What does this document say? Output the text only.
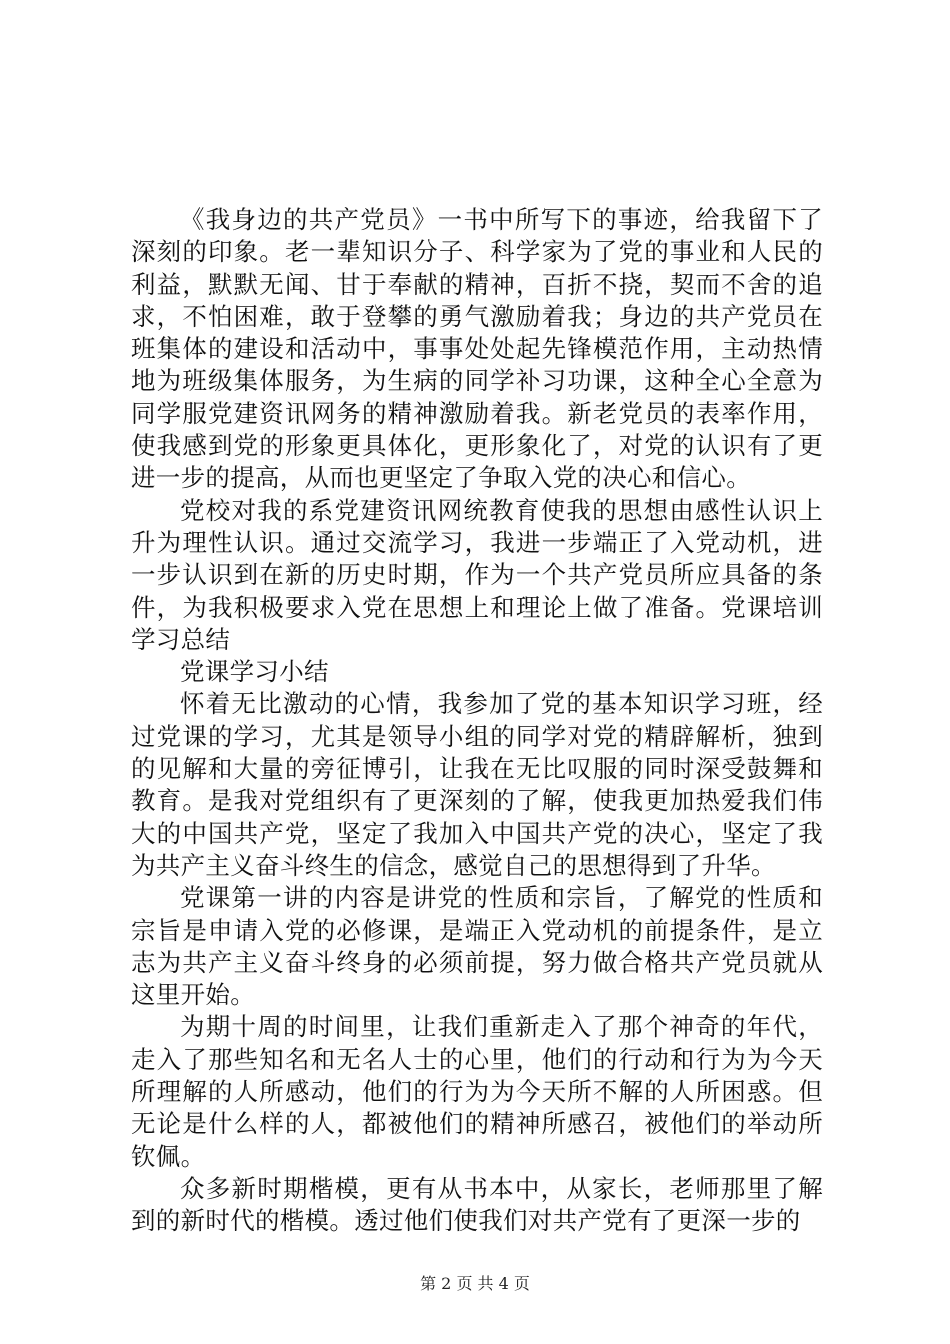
《我身边的共产党员》一书中所写下的事迹，给我留下了深刻的印象。老一辈知识分子、科学家为了党的事业和人民的利益，默默无闻、甘于奉献的精神，百折不挠，契而不舍的追求，不怕困难，敢于登攀的勇气激励着我；身边的共产党员在班集体的建设和活动中，事事处处起先锋模范作用，主动热情地为班级集体服务，为生病的同学补习功课，这种全心全意为同学服党建资讯网务的精神激励着我。新老党员的表率作用，使我感到党的形象更具体化，更形象化了，对党的认识有了更进一步的提高，从而也更坚定了争取入党的决心和信心。

党校对我的系党建资讯网统教育使我的思想由感性认识上升为理性认识。通过交流学习，我进一步端正了入党动机，进一步认识到在新的历史时期，作为一个共产党员所应具备的条件，为我积极要求入党在思想上和理论上做了准备。党课培训学习总结

党课学习小结

怀着无比激动的心情，我参加了党的基本知识学习班，经过党课的学习，尤其是领导小组的同学对党的精辟解析，独到的见解和大量的旁征博引，让我在无比叹服的同时深受鼓舞和教育。是我对党组织有了更深刻的了解，使我更加热爱我们伟大的中国共产党，坚定了我加入中国共产党的决心，坚定了我为共产主义奋斗终生的信念，感觉自己的思想得到了升华。

党课第一讲的内容是讲党的性质和宗旨，了解党的性质和宗旨是申请入党的必修课，是端正入党动机的前提条件，是立志为共产主义奋斗终身的必须前提，努力做合格共产党员就从这里开始。

为期十周的时间里，让我们重新走入了那个神奇的年代，走入了那些知名和无名人士的心里，他们的行动和行为为今天所理解的人所感动，他们的行为为今天所不解的人所困惑。但无论是什么样的人，都被他们的精神所感召，被他们的举动所钦佩。

众多新时期楷模，更有从书本中，从家长，老师那里了解到的新时代的楷模。透过他们使我们对共产党有了更深一步的

第 2 页 共 4 页
